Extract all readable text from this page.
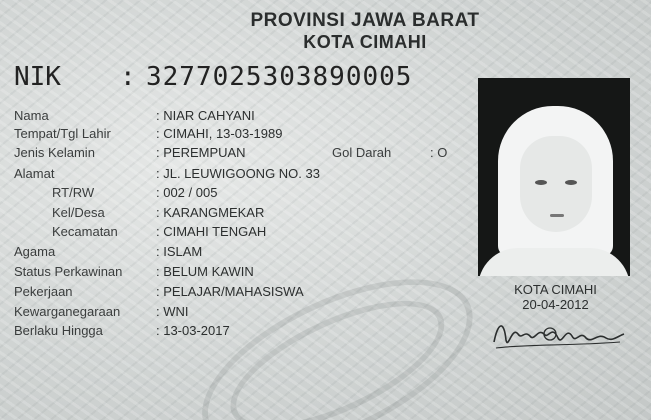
PROVINSI JAWA BARAT
KOTA CIMAHI
NIK : 3277025303890005
Nama	: NIAR CAHYANI
Tempat/Tgl Lahir	: CIMAHI, 13-03-1989
Jenis Kelamin	: PEREMPUAN	Gol Darah	: O
Alamat	: JL. LEUWIGOONG NO. 33
RT/RW	: 002 / 005
Kel/Desa	: KARANGMEKAR
Kecamatan	: CIMAHI TENGAH
Agama	: ISLAM
Status Perkawinan	: BELUM KAWIN
Pekerjaan	: PELAJAR/MAHASISWA
Kewarganegaraan	: WNI
Berlaku Hingga	: 13-03-2017
KOTA CIMAHI
20-04-2012
